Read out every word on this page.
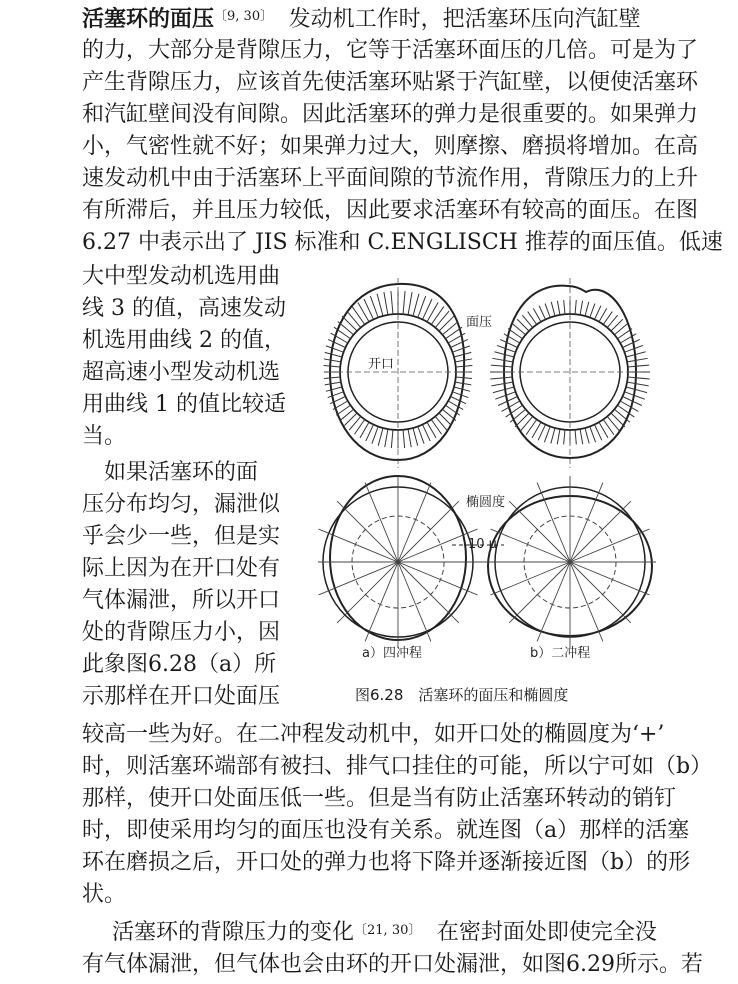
活塞环的面压$^{〔9, 30〕}$　 发动机工作时，把活塞环压向汽缸壁
的力，大部分是背隙压力，它等于活塞环面压的几倍。可是为了
产生背隙压力，应该首先使活塞环贴紧于汽缸壁，以便使活塞环
和汽缸壁间没有间隙。因此活塞环的弹力是很重要的。如果弹力
小，气密性就不好；如果弹力过大，则摩擦、磨损将增加。在高
速发动机中由于活塞环上平面间隙的节流作用，背隙压力的上升
有所滞后，并且压力较低，因此要求活塞环有较高的面压。在图
6.27 中表示出了 JIS 标准和 C.ENGLISCH 推荐的面压值。低速
大中型发动机选用曲
线 3 的值，高速发动
机选用曲线 2 的值，
超高速小型发动机选
用曲线 1 的值比较适
当。
　如果活塞环的面
压分布均匀，漏泄似
乎会少一些，但是实
际上因为在开口处有
气体漏泄，所以开口
处的背隙压力小，因
此象图6.28（a）所
示那样在开口处面压
开口
面压
椭圆度
10 μ
a）四冲程	b）二冲程
图6.28　活塞环的面压和椭圆度
较高一些为好。在二冲程发动机中，如开口处的椭圆度为‘+’
时，则活塞环端部有被扫、排气口挂住的可能，所以宁可如（b）
那样，使开口处面压低一些。但是当有防止活塞环转动的销钉
时，即使采用均匀的面压也没有关系。就连图（a）那样的活塞
环在磨损之后，开口处的弹力也将下降并逐渐接近图（b）的形
状。
活塞环的背隙压力的变化$^{〔21, 30〕}$　 在密封面处即使完全没
有气体漏泄，但气体也会由环的开口处漏泄，如图6.29所示。若
